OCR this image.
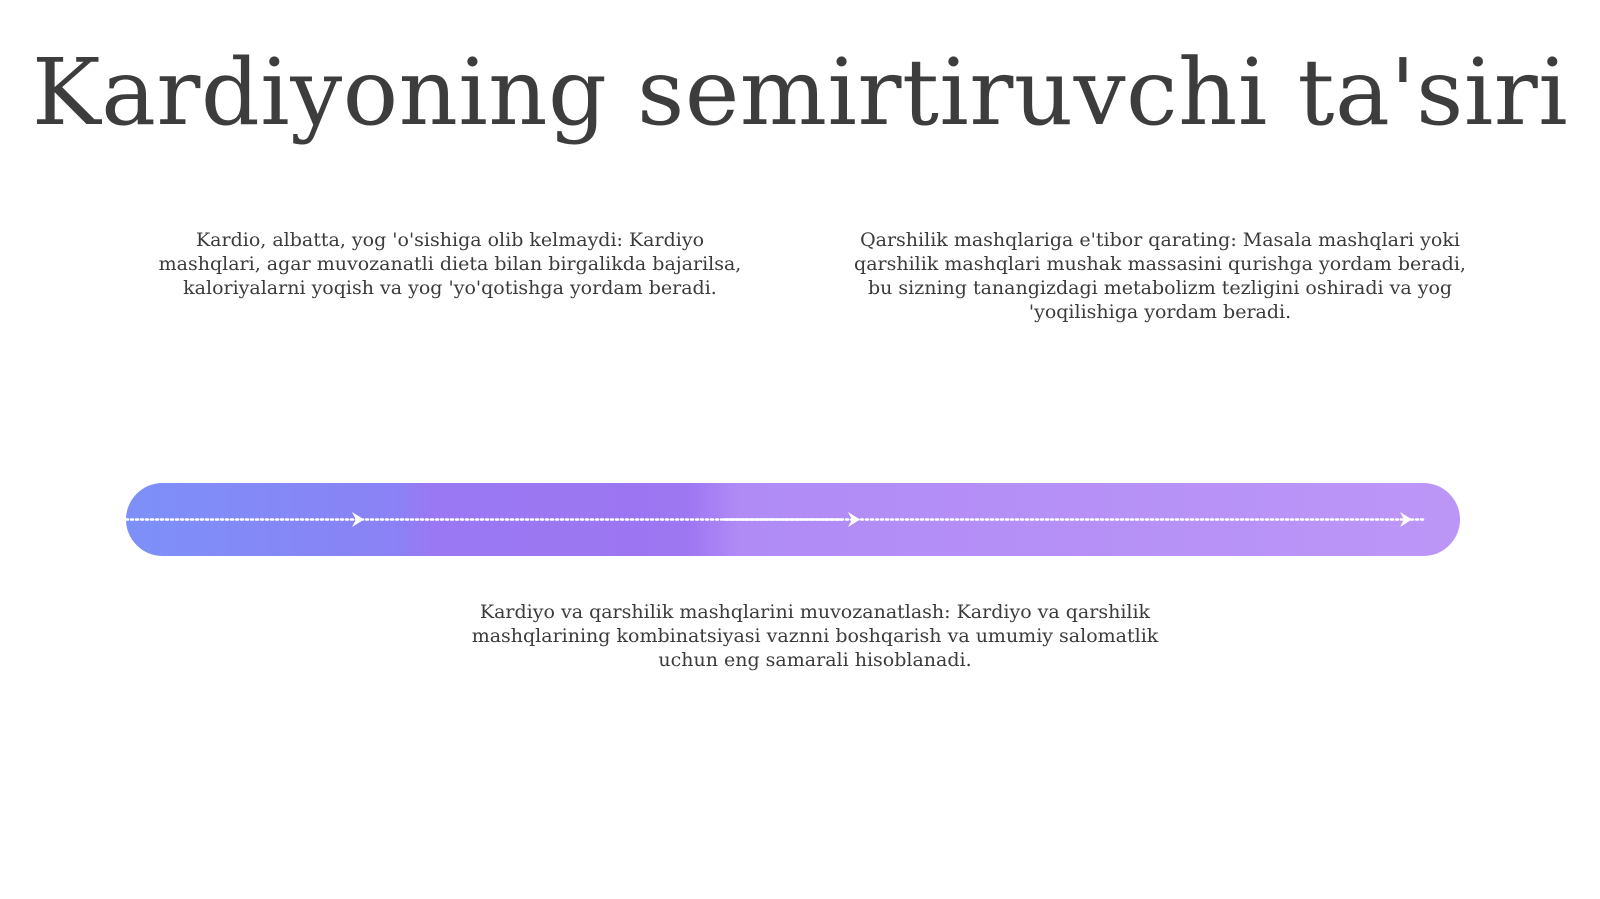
Kardiyoning semirtiruvchi ta'siri
Kardio, albatta, yog 'o'sishiga olib kelmaydi: Kardiyo mashqlari, agar muvozanatli dieta bilan birgalikda bajarilsa, kaloriyalarni yoqish va yog 'yo'qotishga yordam beradi.
Qarshilik mashqlariga e'tibor qarating: Masala mashqlari yoki qarshilik mashqlari mushak massasini qurishga yordam beradi, bu sizning tanangizdagi metabolizm tezligini oshiradi va yog 'yoqilishiga yordam beradi.
Kardiyo va qarshilik mashqlarini muvozanatlash: Kardiyo va qarshilik mashqlarining kombinatsiyasi vaznni boshqarish va umumiy salomatlik uchun eng samarali hisoblanadi.
